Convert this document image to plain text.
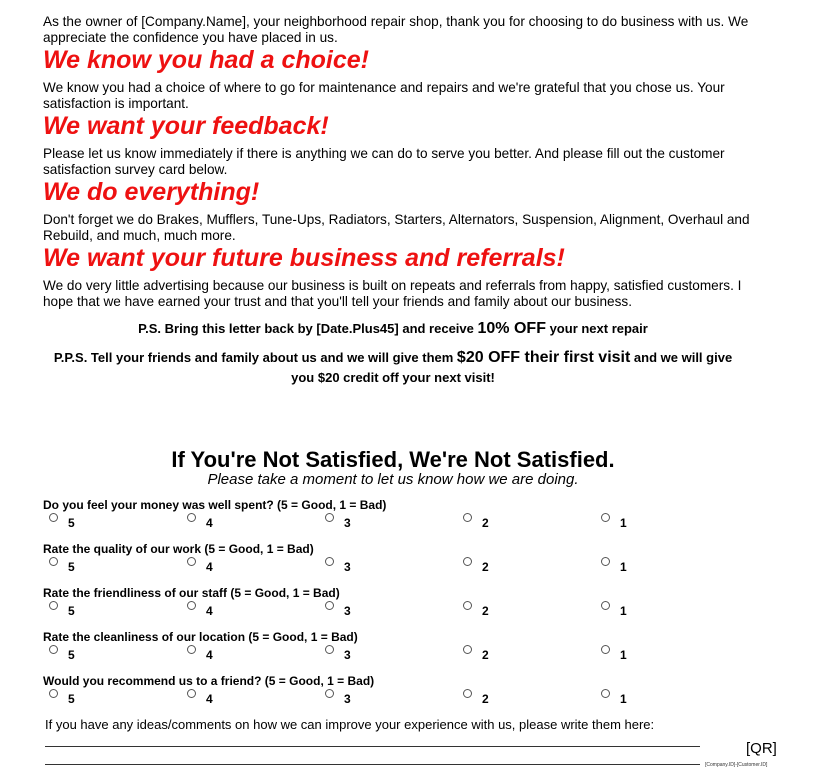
As the owner of [Company.Name], your neighborhood repair shop, thank you for choosing to do business with us. We appreciate the confidence you have placed in us.

We know you had a choice!

We know you had a choice of where to go for maintenance and repairs and we're grateful that you chose us. Your satisfaction is important.

We want your feedback!

Please let us know immediately if there is anything we can do to serve you better. And please fill out the customer satisfaction survey card below.

We do everything!

Don't forget we do Brakes, Mufflers, Tune-Ups, Radiators, Starters, Alternators, Suspension, Alignment, Overhaul and Rebuild, and much, much more.

We want your future business and referrals!

We do very little advertising because our business is built on repeats and referrals from happy, satisfied customers. I hope that we have earned your trust and that you'll tell your friends and family about our business.

P.S. Bring this letter back by [Date.Plus45] and receive 10% OFF your next repair

P.P.S. Tell your friends and family about us and we will give them $20 OFF their first visit and we will give you $20 credit off your next visit!

If You're Not Satisfied, We're Not Satisfied.

Please take a moment to let us know how we are doing.

Do you feel your money was well spent? (5 = Good, 1 = Bad)
5	4	3	2	1
Rate the quality of our work (5 = Good, 1 = Bad)
5	4	3	2	1
Rate the friendliness of our staff (5 = Good, 1 = Bad)
5	4	3	2	1
Rate the cleanliness of our location (5 = Good, 1 = Bad)
5	4	3	2	1
Would you recommend us to a friend? (5 = Good, 1 = Bad)
5	4	3	2	1

If you have any ideas/comments on how we can improve your experience with us, please write them here:

[QR]
[Company.ID]-[Customer.ID]
